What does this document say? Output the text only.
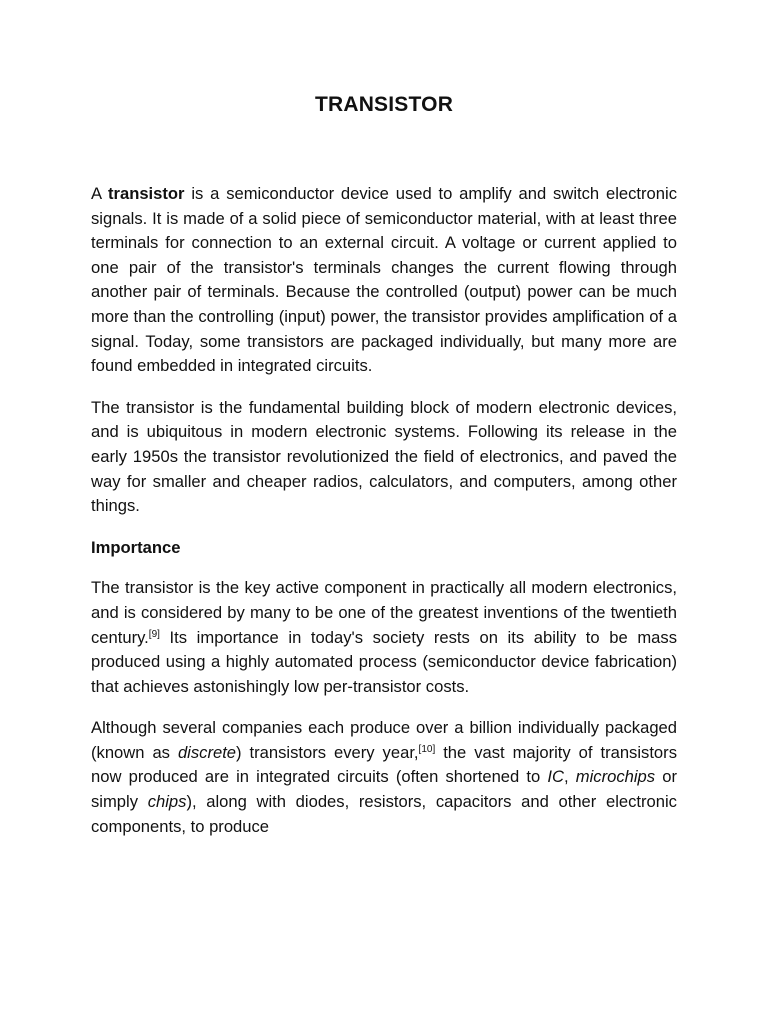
TRANSISTOR

A transistor is a semiconductor device used to amplify and switch electronic signals. It is made of a solid piece of semiconductor material, with at least three terminals for connection to an external circuit. A voltage or current applied to one pair of the transistor's terminals changes the current flowing through another pair of terminals. Because the controlled (output) power can be much more than the controlling (input) power, the transistor provides amplification of a signal. Today, some transistors are packaged individually, but many more are found embedded in integrated circuits.

The transistor is the fundamental building block of modern electronic devices, and is ubiquitous in modern electronic systems. Following its release in the early 1950s the transistor revolutionized the field of electronics, and paved the way for smaller and cheaper radios, calculators, and computers, among other things.

Importance

The transistor is the key active component in practically all modern electronics, and is considered by many to be one of the greatest inventions of the twentieth century.[9] Its importance in today's society rests on its ability to be mass produced using a highly automated process (semiconductor device fabrication) that achieves astonishingly low per-transistor costs.

Although several companies each produce over a billion individually packaged (known as discrete) transistors every year,[10] the vast majority of transistors now produced are in integrated circuits (often shortened to IC, microchips or simply chips), along with diodes, resistors, capacitors and other electronic components, to produce
